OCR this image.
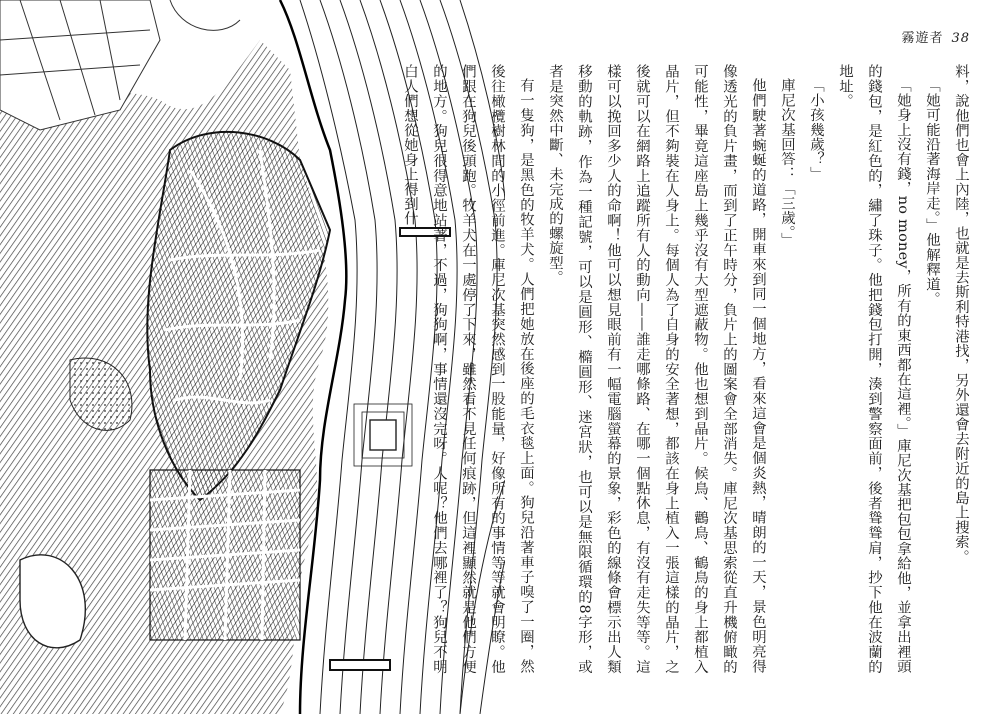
霧遊者 38

料，說他們也會上內陸，也就是去斯利特港找，另外還會去附近的島上搜索。

「她可能沿著海岸走。」他解釋道。

「她身上沒有錢，no money，所有的東西都在這裡。」庫尼次基把包包拿給他，並拿出裡頭的錢包，是紅色的，繡了珠子。他把錢包打開，湊到警察面前，後者聳聳肩，抄下他在波蘭的地址。

「小孩幾歲？」

庫尼次基回答：「三歲。」

他們駛著蜿蜒的道路，開車來到同一個地方，看來這會是個炎熱，晴朗的一天，景色明亮得像透光的負片畫，而到了正午時分，負片上的圖案會全部消失。庫尼次基思索從直升機俯瞰的可能性，畢竟這座島上幾乎沒有大型遮蔽物。他也想到晶片。候鳥、鸛鳥、鶴鳥的身上都植入晶片，但不夠裝在人身上。每個人為了自身的安全著想，都該在身上植入一張這樣的晶片，之後就可以在網路上追蹤所有人的動向——誰走哪條路、在哪一個點休息，有沒有走失等等。這樣可以挽回多少人的命啊！他可以想見眼前有一幅電腦螢幕的景象，彩色的線條會標示出人類移動的軌跡，作為一種記號，可以是圓形、橢圓形、迷宮狀，也可以是無限循環的8字形，或者是突然中斷、未完成的螺旋型。

有一隻狗，是黑色的牧羊犬。人們把她放在後座的毛衣毯上面。狗兒沿著車子嗅了一圈，然後往橄欖樹林間的小徑前進。庫尼次基突然感到一股能量，好像所有的事情等等就會明瞭。他們跟在狗兒後頭跑。牧羊犬在一處停了下來，雖然看不見任何痕跡，但這裡顯然就是他們方便的地方。狗兒很得意地站著，不過，狗狗啊，事情還沒完呀。人呢？他們去哪裡了？狗兒不明白人們想從她身上得到什
